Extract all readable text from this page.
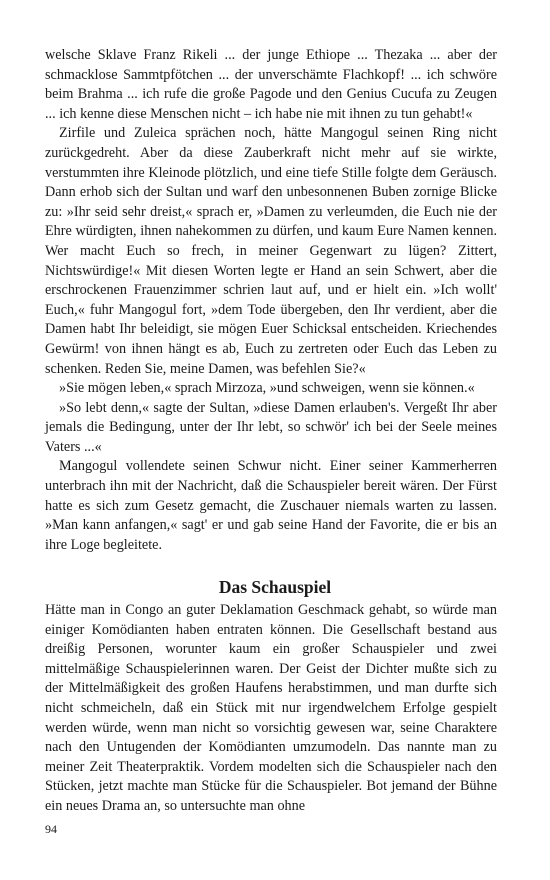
welsche Sklave Franz Rikeli ... der junge Ethiope ... Thezaka ... aber der schmacklose Sammtpfötchen ... der unverschämte Flachkopf! ... ich schwöre beim Brahma ... ich rufe die große Pagode und den Genius Cucufa zu Zeugen ... ich kenne diese Menschen nicht – ich habe nie mit ihnen zu tun gehabt!«

Zirfile und Zuleica sprächen noch, hätte Mangogul seinen Ring nicht zurückgedreht. Aber da diese Zauberkraft nicht mehr auf sie wirkte, verstummten ihre Kleinode plötzlich, und eine tiefe Stille folgte dem Geräusch. Dann erhob sich der Sultan und warf den unbesonnenen Buben zornige Blicke zu: »Ihr seid sehr dreist,« sprach er, »Damen zu verleumden, die Euch nie der Ehre würdigten, ihnen nahekommen zu dürfen, und kaum Eure Namen kennen. Wer macht Euch so frech, in meiner Gegenwart zu lügen? Zittert, Nichtswürdige!« Mit diesen Worten legte er Hand an sein Schwert, aber die erschrockenen Frauenzimmer schrien laut auf, und er hielt ein. »Ich wollt' Euch,« fuhr Mangogul fort, »dem Tode übergeben, den Ihr verdient, aber die Damen habt Ihr beleidigt, sie mögen Euer Schicksal entscheiden. Kriechendes Gewürm! von ihnen hängt es ab, Euch zu zertreten oder Euch das Leben zu schenken. Reden Sie, meine Damen, was befehlen Sie?«

»Sie mögen leben,« sprach Mirzoza, »und schweigen, wenn sie können.«

»So lebt denn,« sagte der Sultan, »diese Damen erlauben's. Vergeßt Ihr aber jemals die Bedingung, unter der Ihr lebt, so schwör' ich bei der Seele meines Vaters ...«

Mangogul vollendete seinen Schwur nicht. Einer seiner Kammerherren unterbrach ihn mit der Nachricht, daß die Schauspieler bereit wären. Der Fürst hatte es sich zum Gesetz gemacht, die Zuschauer niemals warten zu lassen. »Man kann anfangen,« sagt' er und gab seine Hand der Favorite, die er bis an ihre Loge begleitete.

Das Schauspiel

Hätte man in Congo an guter Deklamation Geschmack gehabt, so würde man einiger Komödianten haben entraten können. Die Gesellschaft bestand aus dreißig Personen, worunter kaum ein großer Schauspieler und zwei mittelmäßige Schauspielerinnen waren. Der Geist der Dichter mußte sich zu der Mittelmäßigkeit des großen Haufens herabstimmen, und man durfte sich nicht schmeicheln, daß ein Stück mit nur irgendwelchem Erfolge gespielt werden würde, wenn man nicht so vorsichtig gewesen war, seine Charaktere nach den Untugenden der Komödianten umzumodeln. Das nannte man zu meiner Zeit Theaterpraktik. Vordem modelten sich die Schauspieler nach den Stücken, jetzt machte man Stücke für die Schauspieler. Bot jemand der Bühne ein neues Drama an, so untersuchte man ohne

94
